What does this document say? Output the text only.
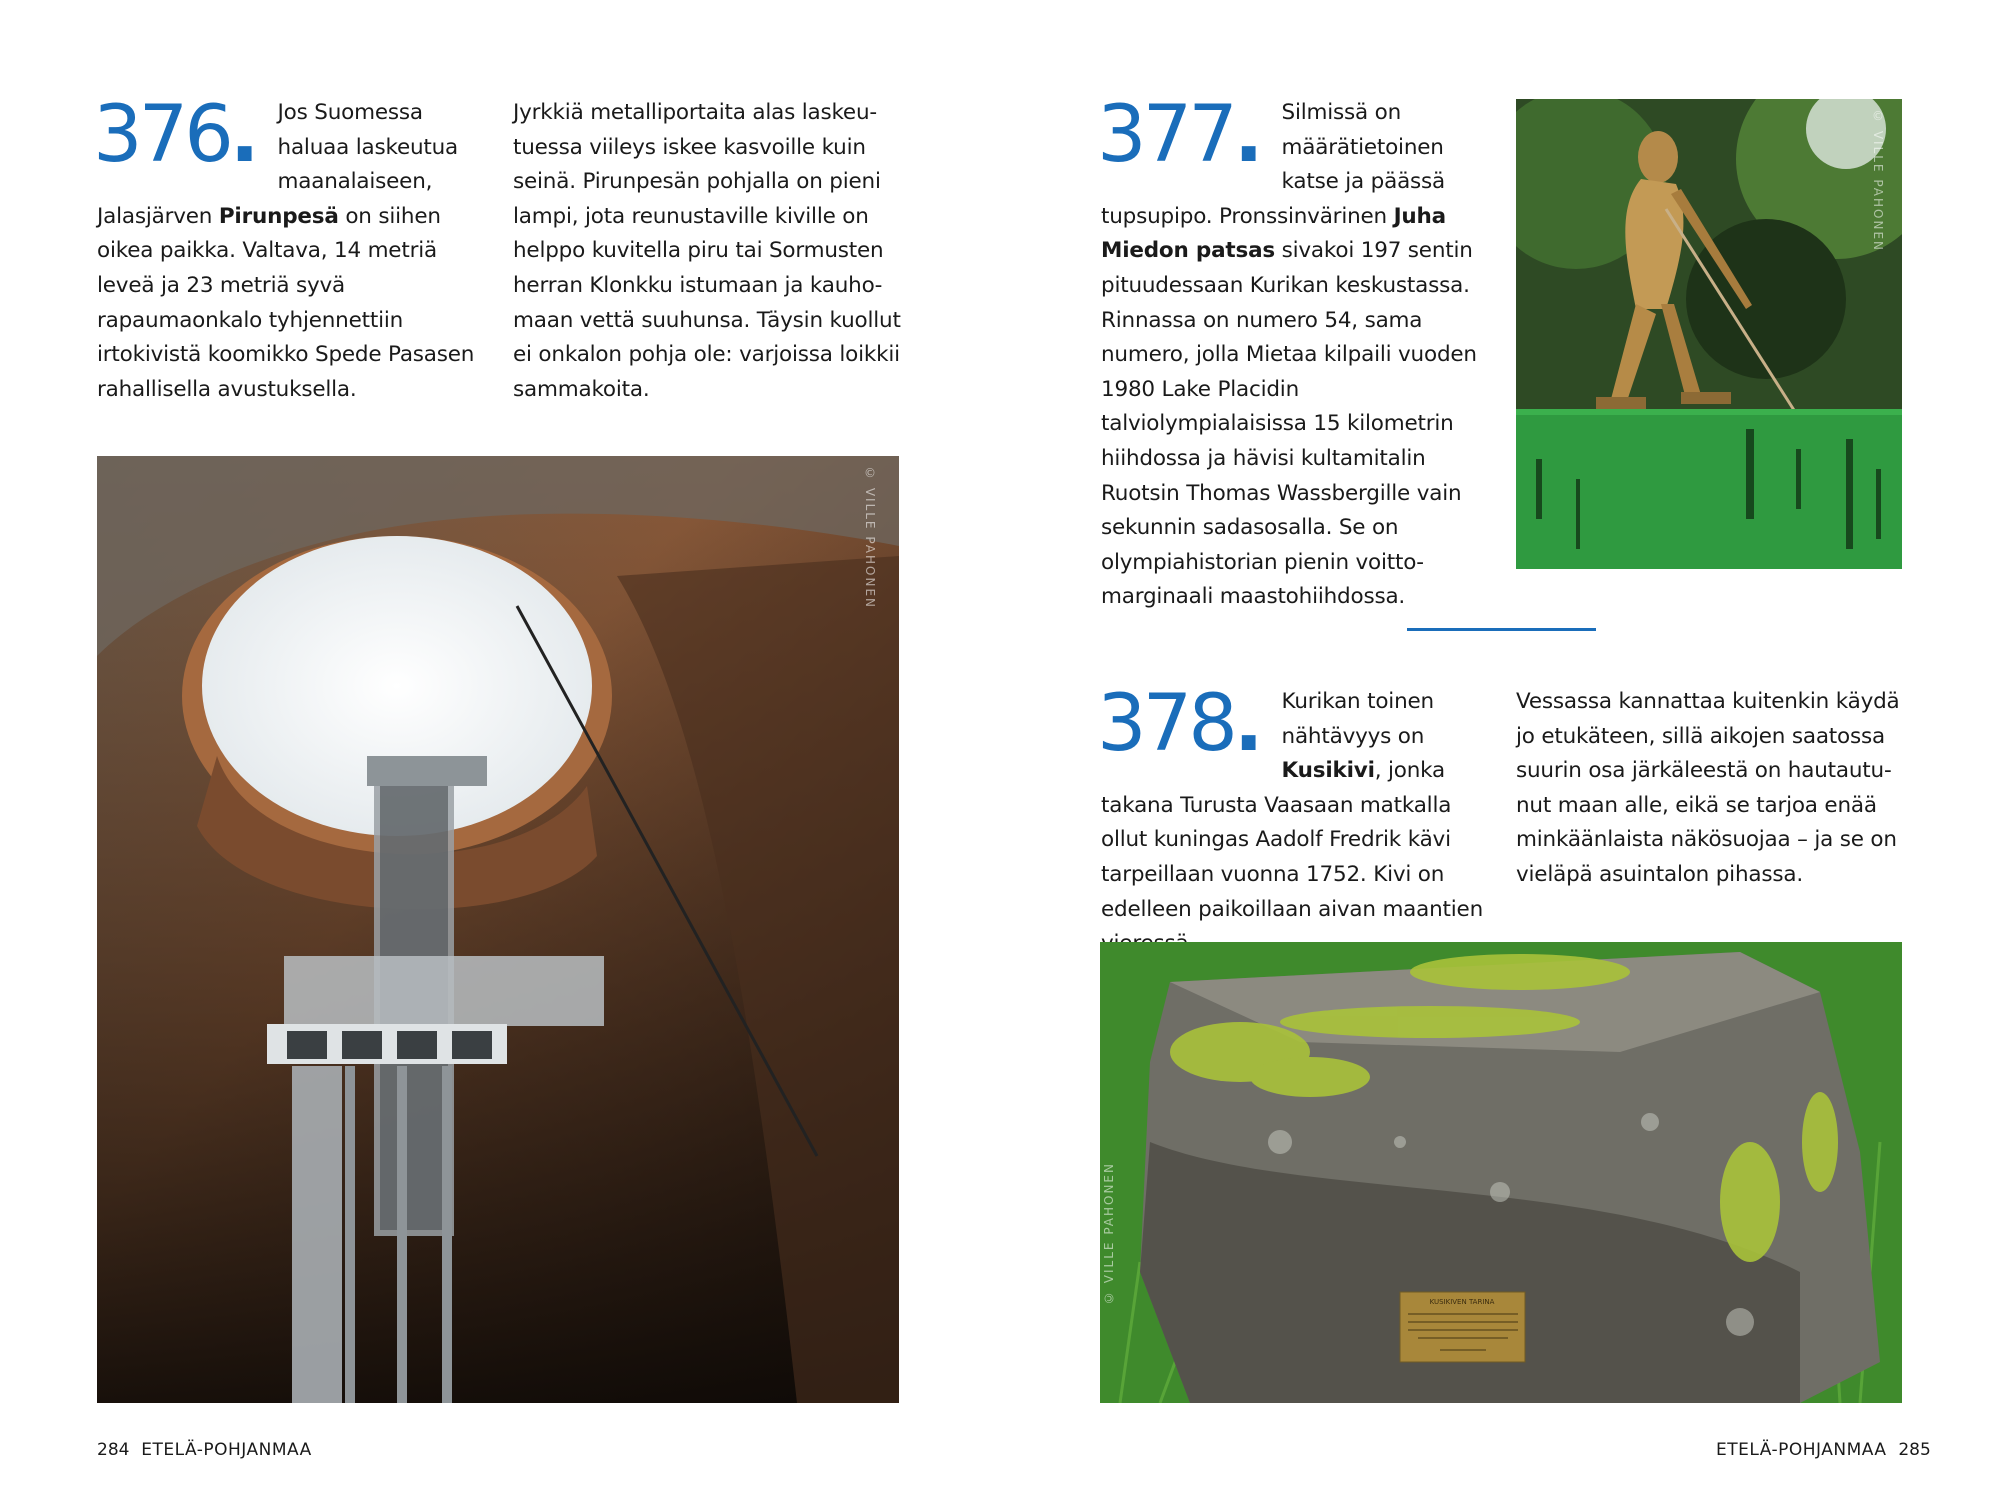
376.	Jos Suomessa haluaa laskeutua maanalaiseen, Jalasjärven Pirunpesä on siihen oikea paikka. Valtava, 14 metriä leveä ja 23 metriä syvä rapaumaonkalo tyhjennettiin irtokivistä koomikko Spede Pasasen rahallisella avustuksella.

Jyrkkiä metalliportaita alas laskeutuessa viileys iskee kasvoille kuin seinä. Pirunpesän pohjalla on pieni lampi, jota reunustaville kiville on helppo kuvitella piru tai Sormusten herran Klonkku istumaan ja kauhomaan vettä suuhunsa. Täysin kuollut ei onkalon pohja ole: varjoissa loikkii sammakoita.

© VILLE PAHONEN
284 ETELÄ-POHJANMAA
377.	Silmissä on määrätietoinen katse ja päässä tupsupipo. Pronssinvärinen Juha Miedon patsas sivakoi 197 sentin pituudessaan Kurikan keskustassa. Rinnassa on numero 54, sama numero, jolla Mietaa kilpaili vuoden 1980 Lake Placidin talviolympialaisissa 15 kilometrin hiihdossa ja hävisi kultamitalin Ruotsin Thomas Wassbergille vain sekunnin sadasosalla. Se on olympiahistorian pienin voittomarginaali maastohiihdossa.

© VILLE PAHONEN
378.	Kurikan toinen nähtävyys on Kusikivi, jonka takana Turusta Vaasaan matkalla ollut kuningas Aadolf Fredrik kävi tarpeillaan vuonna 1752. Kivi on edelleen paikoillaan aivan maantien

Vessassa kannattaa kuitenkin käydä jo etukäteen, sillä aikojen saatossa suurin osa järkäleestä on hautautunut maan alle, eikä se tarjoa enää minkäänlaista näkösuojaa – ja se on vieläpä asuintalon pihassa.

KUSIKIVEN TARINA
© VILLE PAHONEN
ETELÄ-POHJANMAA 285
